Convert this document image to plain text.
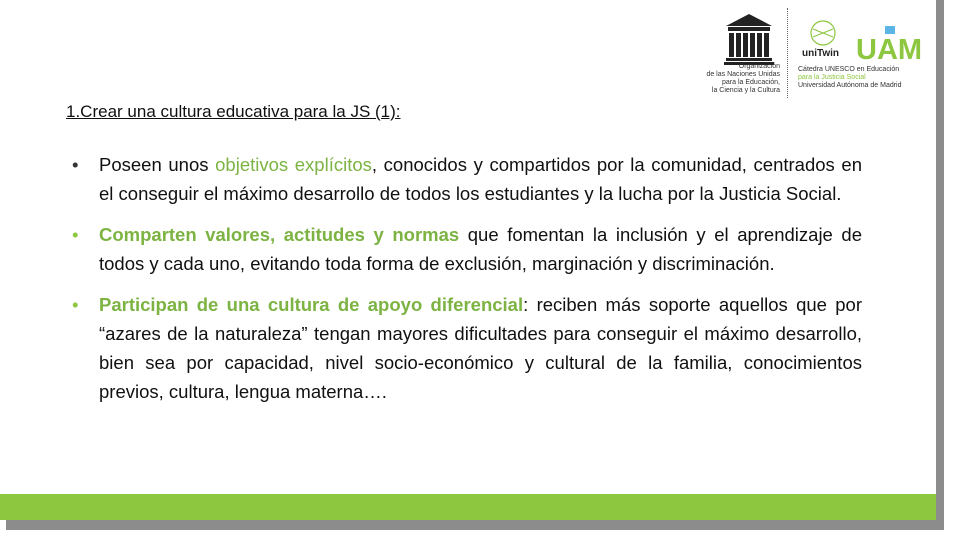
Organización
de las Naciones Unidas
para la Educación,
la Ciencia y la Cultura
uniTwin UAM
Cátedra UNESCO en Educación
para la Justicia Social
Universidad Autónoma de Madrid
1.Crear una cultura educativa para la JS (1):
• Poseen unos objetivos explícitos, conocidos y compartidos por la comunidad, centrados en el conseguir el máximo desarrollo de todos los estudiantes y la lucha por la Justicia Social.
• Comparten valores, actitudes y normas que fomentan la inclusión y el aprendizaje de todos y cada uno, evitando toda forma de exclusión, marginación y discriminación.
• Participan de una cultura de apoyo diferencial: reciben más soporte aquellos que por “azares de la naturaleza” tengan mayores dificultades para conseguir el máximo desarrollo, bien sea por capacidad, nivel socio-económico y cultural de la familia, conocimientos previos, cultura, lengua materna….
